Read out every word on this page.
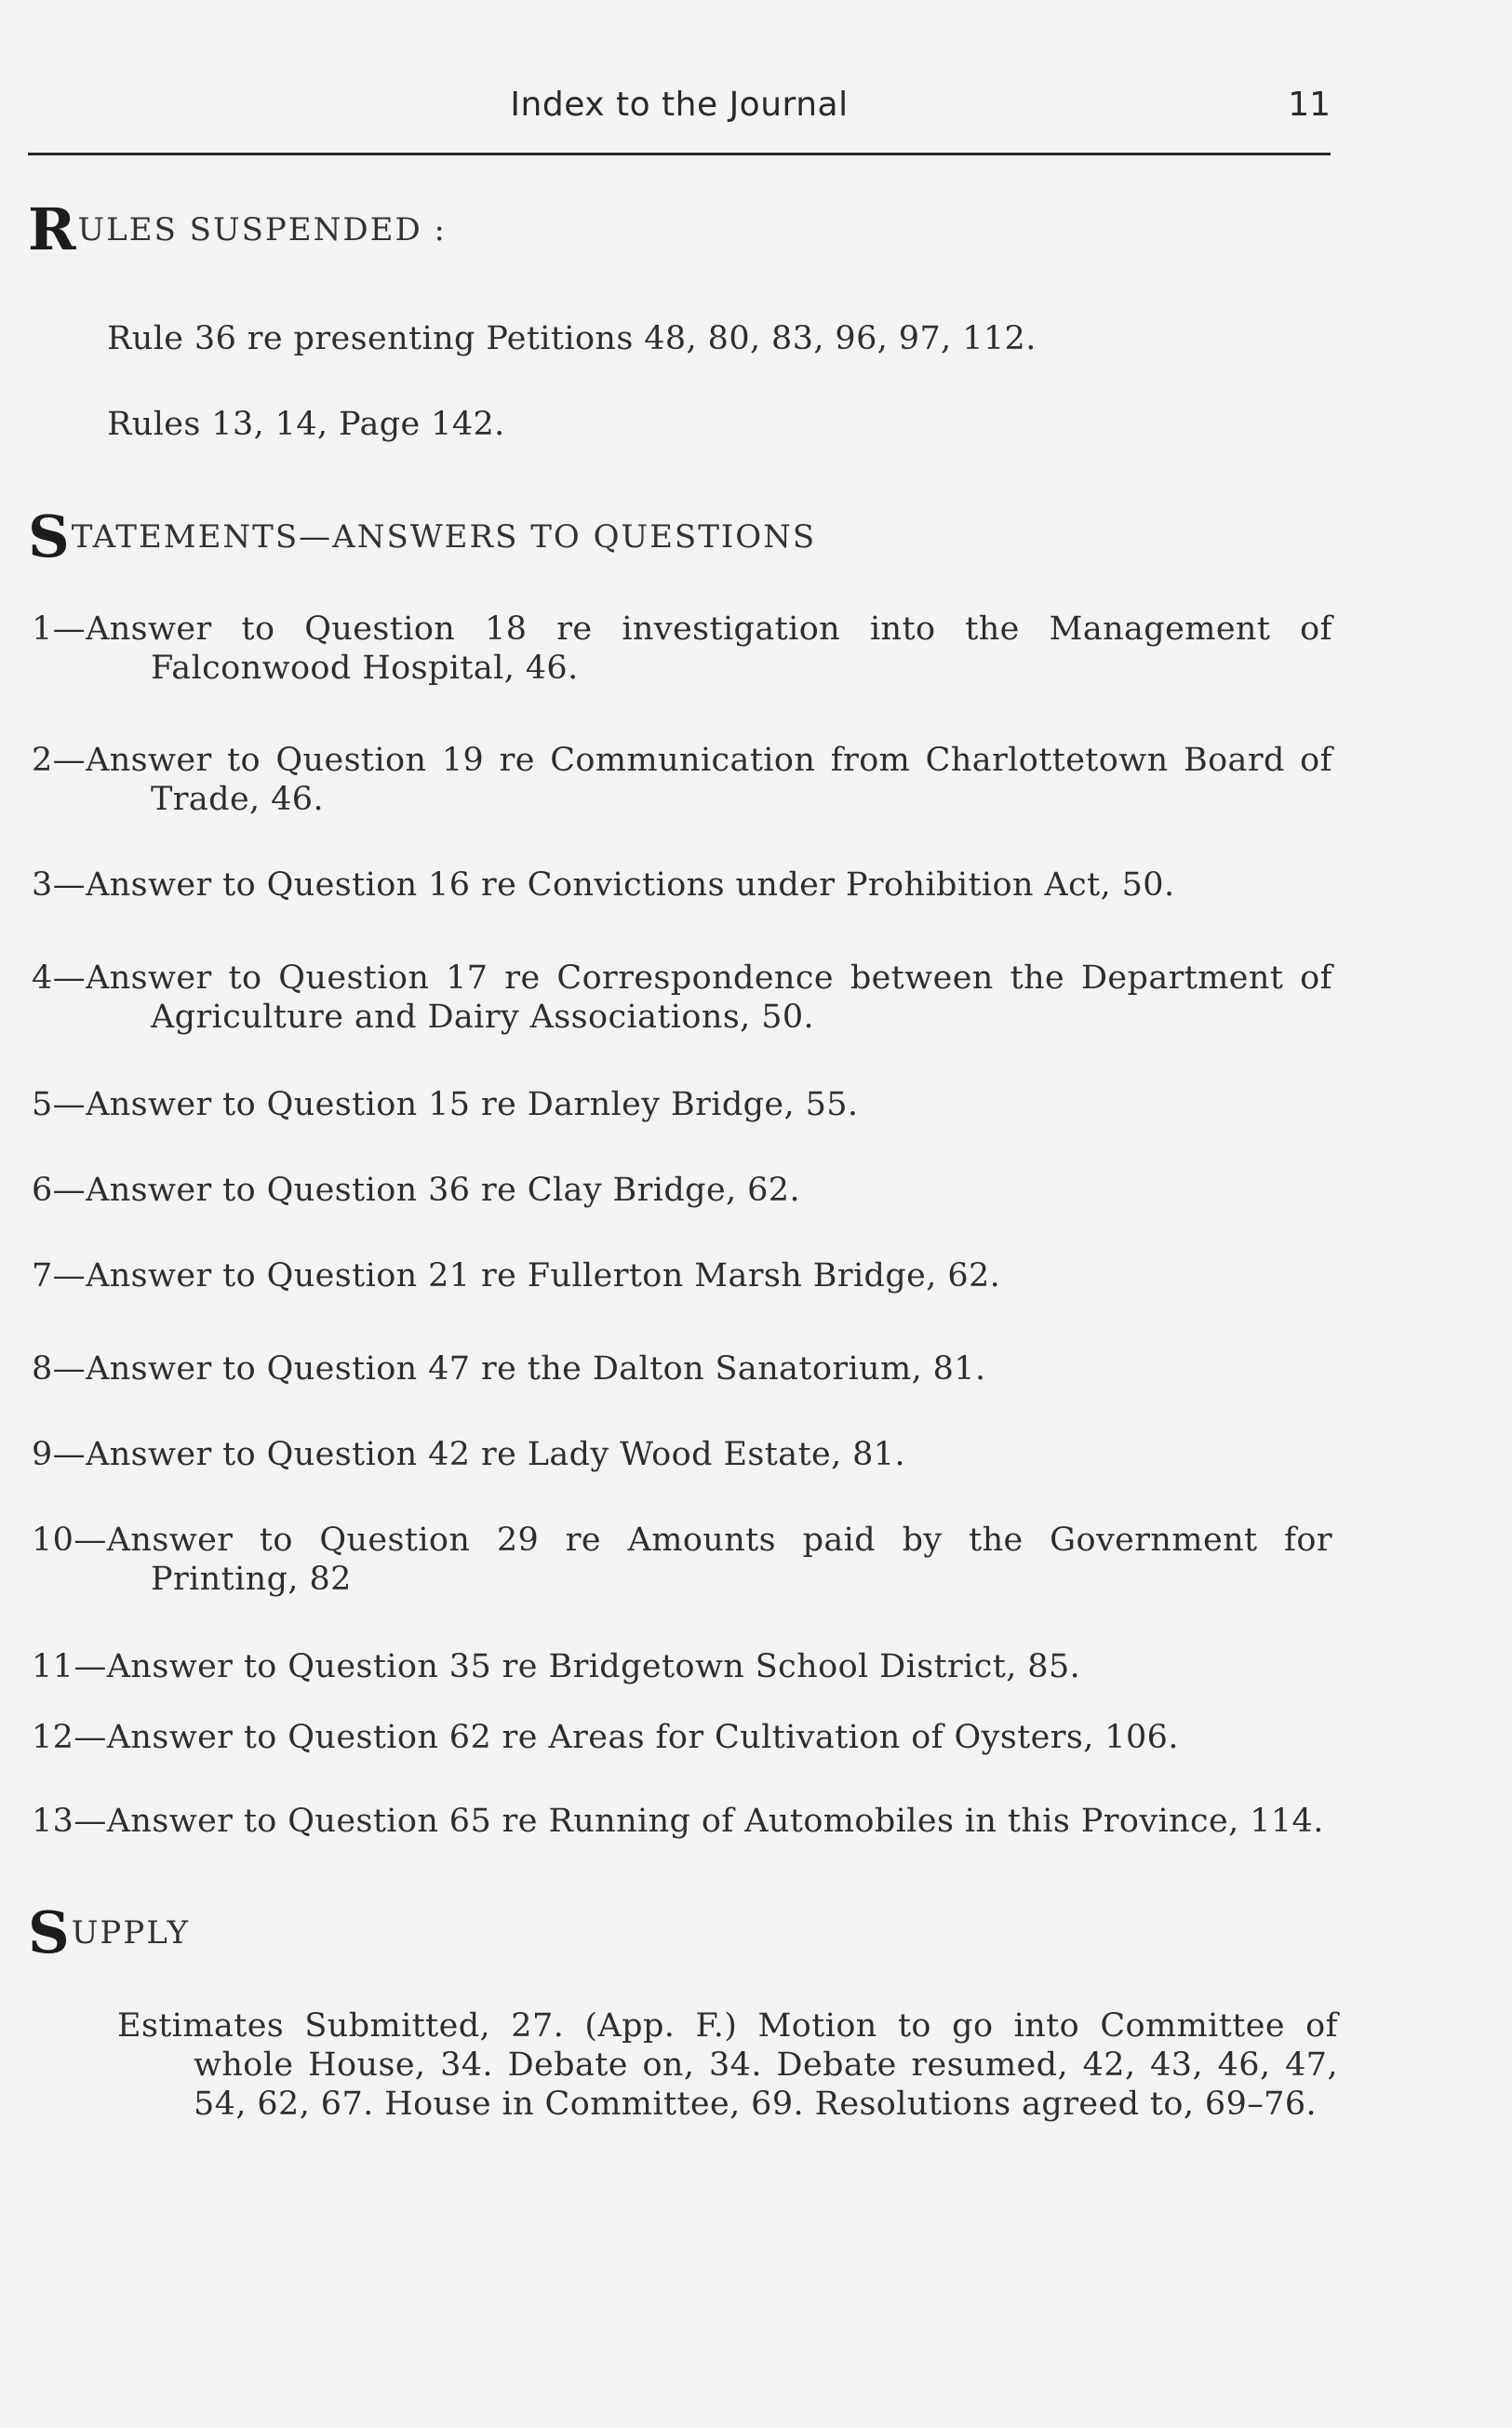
Index to the Journal	11
RULES SUSPENDED :
Rule 36 re presenting Petitions 48, 80, 83, 96, 97, 112.
Rules 13, 14, Page 142.
STATEMENTS—ANSWERS TO QUESTIONS
1—Answer to Question 18 re investigation into the Management of Falconwood Hospital, 46.
2—Answer to Question 19 re Communication from Charlottetown Board of Trade, 46.
3—Answer to Question 16 re Convictions under Prohibition Act, 50.
4—Answer to Question 17 re Correspondence between the Department of Agriculture and Dairy Associations, 50.
5—Answer to Question 15 re Darnley Bridge, 55.
6—Answer to Question 36 re Clay Bridge, 62.
7—Answer to Question 21 re Fullerton Marsh Bridge, 62.
8—Answer to Question 47 re the Dalton Sanatorium, 81.
9—Answer to Question 42 re Lady Wood Estate, 81.
10—Answer to Question 29 re Amounts paid by the Government for Printing, 82
11—Answer to Question 35 re Bridgetown School District, 85.
12—Answer to Question 62 re Areas for Cultivation of Oysters, 106.
13—Answer to Question 65 re Running of Automobiles in this Province, 114.
SUPPLY
Estimates Submitted, 27. (App. F.) Motion to go into Committee of whole House, 34. Debate on, 34. Debate resumed, 42, 43, 46, 47, 54, 62, 67. House in Committee, 69. Resolutions agreed to, 69–76.
